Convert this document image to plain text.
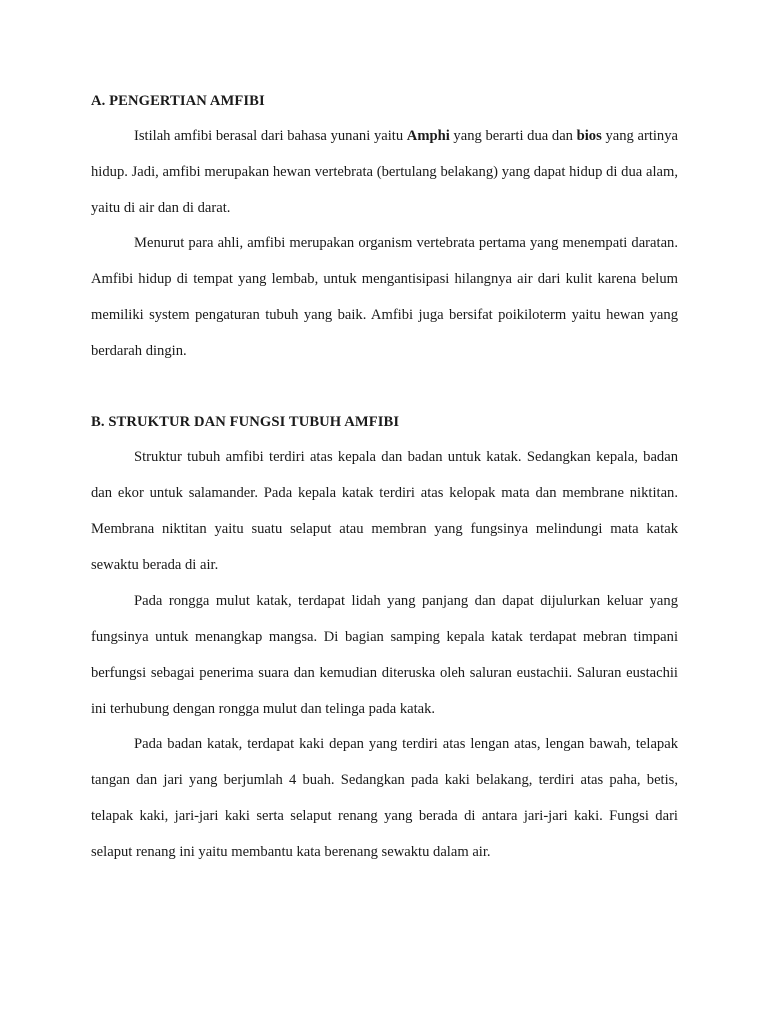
A. PENGERTIAN AMFIBI

Istilah amfibi berasal dari bahasa yunani yaitu Amphi yang berarti dua dan bios yang artinya hidup. Jadi, amfibi merupakan hewan vertebrata (bertulang belakang) yang dapat hidup di dua alam, yaitu di air dan di darat.

Menurut para ahli, amfibi merupakan organism vertebrata pertama yang menempati daratan. Amfibi hidup di tempat yang lembab, untuk mengantisipasi hilangnya air dari kulit karena belum memiliki system pengaturan tubuh yang baik. Amfibi juga bersifat poikiloterm yaitu hewan yang berdarah dingin.

B. STRUKTUR DAN FUNGSI TUBUH AMFIBI

Struktur tubuh amfibi terdiri atas kepala dan badan untuk katak. Sedangkan kepala, badan dan ekor untuk salamander. Pada kepala katak terdiri atas kelopak mata dan membrane niktitan. Membrana niktitan yaitu suatu selaput atau membran yang fungsinya melindungi mata katak sewaktu berada di air.

Pada rongga mulut katak, terdapat lidah yang panjang dan dapat dijulurkan keluar yang fungsinya untuk menangkap mangsa. Di bagian samping kepala katak terdapat mebran timpani berfungsi sebagai penerima suara dan kemudian diteruska oleh saluran eustachii. Saluran eustachii ini terhubung dengan rongga mulut dan telinga pada katak.

Pada badan katak, terdapat kaki depan yang terdiri atas lengan atas, lengan bawah, telapak tangan dan jari yang berjumlah 4 buah. Sedangkan pada kaki belakang, terdiri atas paha, betis, telapak kaki, jari-jari kaki serta selaput renang yang berada di antara jari-jari kaki. Fungsi dari selaput renang ini yaitu membantu kata berenang sewaktu dalam air.
